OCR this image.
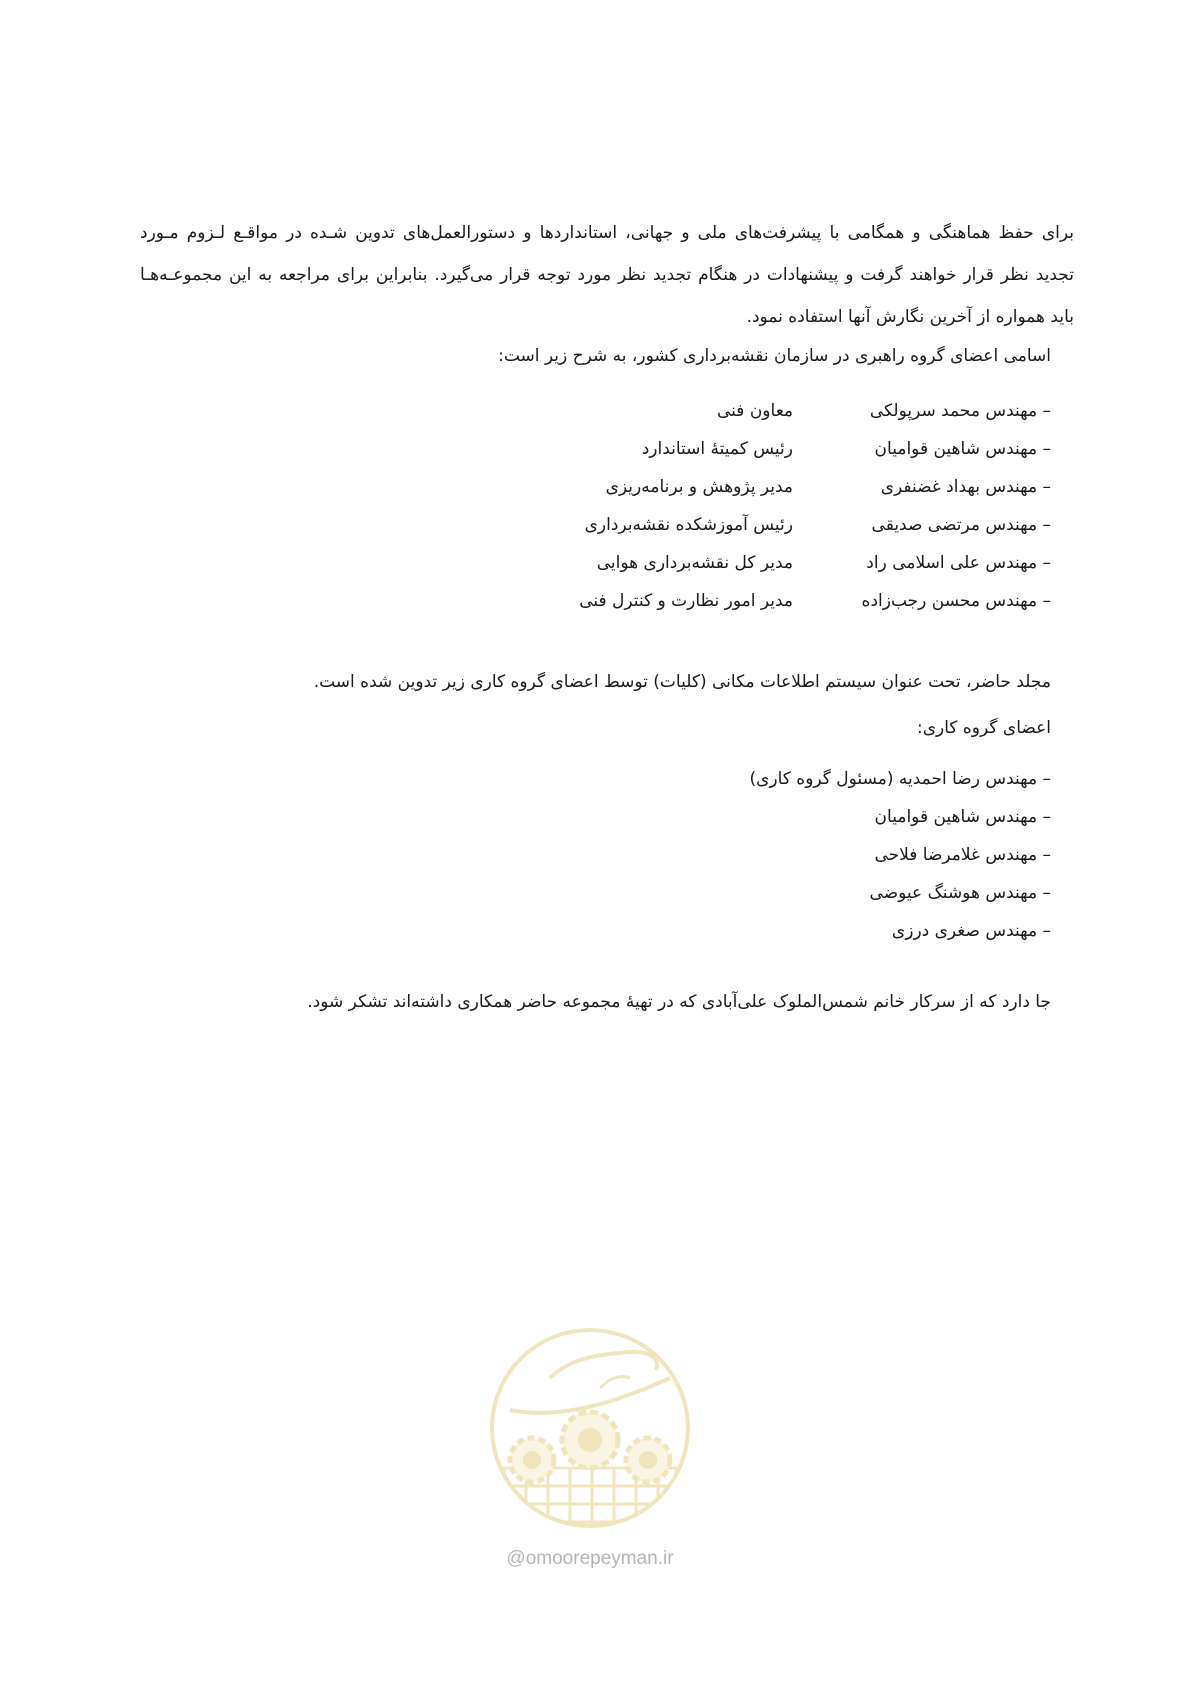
برای حفظ هماهنگی و همگامی با پیشرفت‌های ملی و جهانی، استانداردها و دستورالعمل‌های تدوین شـده در مواقـع لـزوم مـورد
تجدید نظر قرار خواهند گرفت و پیشنهادات در هنگام تجدید نظر مورد توجه قرار می‌گیرد. بنابراین برای مراجعه به این مجموعـه‌هـا
باید همواره از آخرین نگارش آنها استفاده نمود.
اسامی اعضای گروه راهبری در سازمان نقشه‌برداری کشور، به شرح زیر است:
– مهندس محمد سرپولکی
معاون فنی
– مهندس شاهین قوامیان
رئیس کمیتهٔ استاندارد
– مهندس بهداد غضنفری
مدیر پژوهش و برنامه‌ریزی
– مهندس مرتضی صدیقی
رئیس آموزشکده نقشه‌برداری
– مهندس علی اسلامی راد
مدیر کل نقشه‌برداری هوایی
– مهندس محسن رجب‌زاده
مدیر امور نظارت و کنترل فنی
مجلد حاضر، تحت عنوان سیستم اطلاعات مکانی (کلیات) توسط اعضای گروه کاری زیر تدوین شده است.
اعضای گروه کاری:
– مهندس رضا احمدیه (مسئول گروه کاری)
– مهندس شاهین قوامیان
– مهندس غلامرضا فلاحی
– مهندس هوشنگ عیوضی
– مهندس صغری درزی
جا دارد که از سرکار خانم شمس‌الملوک علی‌آبادی که در تهیهٔ مجموعه حاضر همکاری داشته‌اند تشکر شود.
@omoorepeyman.ir
